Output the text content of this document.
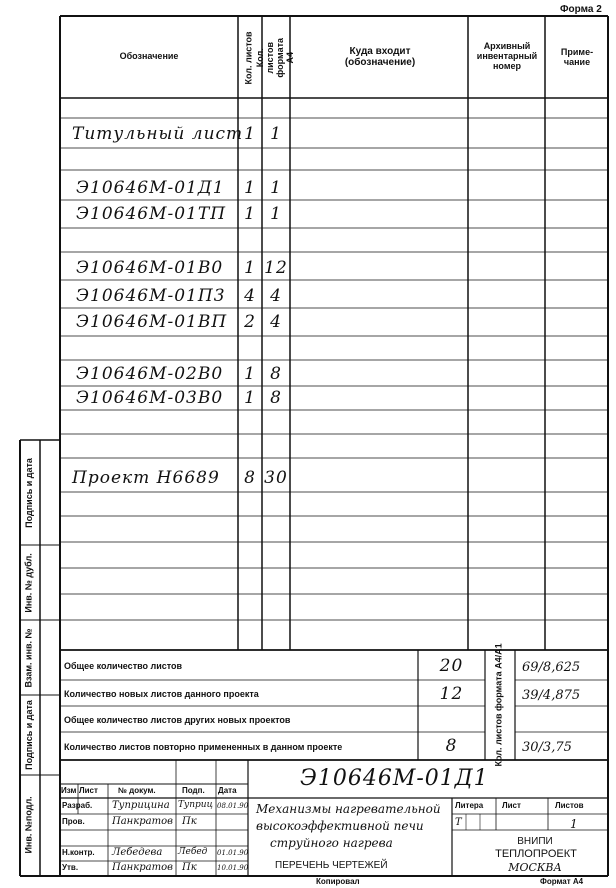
Форма 2
Обозначение	Кол. листов Кол. листов формата А4
Куда входит (обозначение)
Архивный инвентарный номер
Приме- чание
Титульный лист 1 1
Э10646М-01Д1	1 1
Э10646М-01ТП	1 1
Э10646М-01В0	1 12
Э10646М-01П3	4 4
Э10646М-01ВП 2 4
Э10646М-02В0	1 8
Э10646М-03В0	1 8
Проект Н6689	8 30
Подпись и дата
Инв. № дубл.
Взам. инв. №
Подпись и дата
Инв. №подл.
Общее количество листов	20	69/8,625
Количество новых листов данного проекта	12	39/4,875
Общее количество листов других новых проектов
Количество листов повторно примененных в данном проекте	8	30/3,75
Кол. листов формата А4/А1
Э10646М-01Д1
Изм Лист	№ докум.	Подп. Дата
Разраб. Туприцина Туприц 08.01.90
Пров.	Панкратов Пк
Н.контр. Лебедева Лебед 01.01.90
Утв.	Панкратов Пк	10.01.90
Механизмы нагревательной
высокоэффективной печи
струйного нагрева
ПЕРЕЧЕНЬ ЧЕРТЕЖЕЙ
Литера Лист	Листов
Т	1
ВНИПИ
ТЕПЛОПРОЕКТ
МОСКВА
Копировал	Формат А4
